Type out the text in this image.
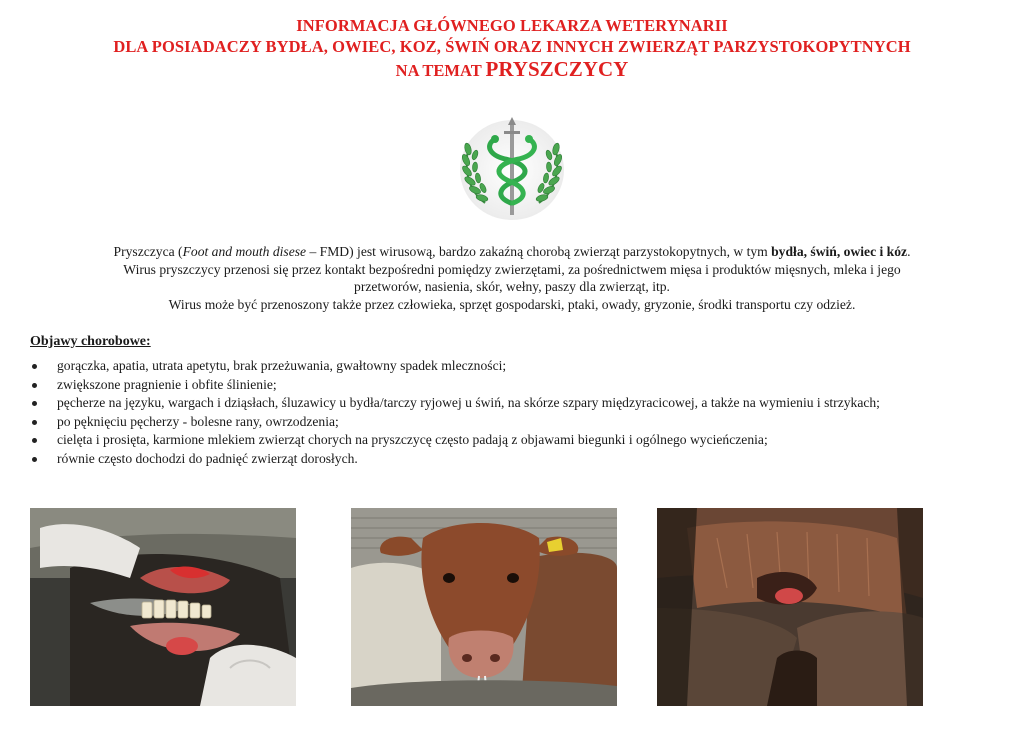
INFORMACJA GŁÓWNEGO LEKARZA WETERYNARII
DLA POSIADACZY BYDŁA, OWIEC, KOZ, ŚWIŃ ORAZ INNYCH ZWIERZĄT PARZYSTOKOPYTNYCH
NA TEMAT PRYSZCZYCY
Pryszczyca (Foot and mouth disese – FMD) jest wirusową, bardzo zakaźną chorobą zwierząt parzystokopytnych, w tym bydła, świń, owiec i kóz.
Wirus pryszczycy przenosi się przez kontakt bezpośredni pomiędzy zwierzętami, za pośrednictwem mięsa i produktów mięsnych, mleka i jego
przetworów, nasienia, skór, wełny, paszy dla zwierząt, itp.
Wirus może być przenoszony także przez człowieka, sprzęt gospodarski, ptaki, owady, gryzonie, środki transportu czy odzież.
Objawy chorobowe:
gorączka, apatia, utrata apetytu, brak przeżuwania, gwałtowny spadek mleczności;
zwiększone pragnienie i obfite ślinienie;
pęcherze na języku, wargach i dziąsłach, śluzawicy u bydła/tarczy ryjowej u świń, na skórze szpary międzyracicowej, a także na wymieniu i strzykach;
po pęknięciu pęcherzy - bolesne rany, owrzodzenia;
cielęta i prosięta, karmione mlekiem zwierząt chorych na pryszczycę często padają z objawami biegunki i ogólnego wycieńczenia;
równie często dochodzi do padnięć zwierząt dorosłych.
